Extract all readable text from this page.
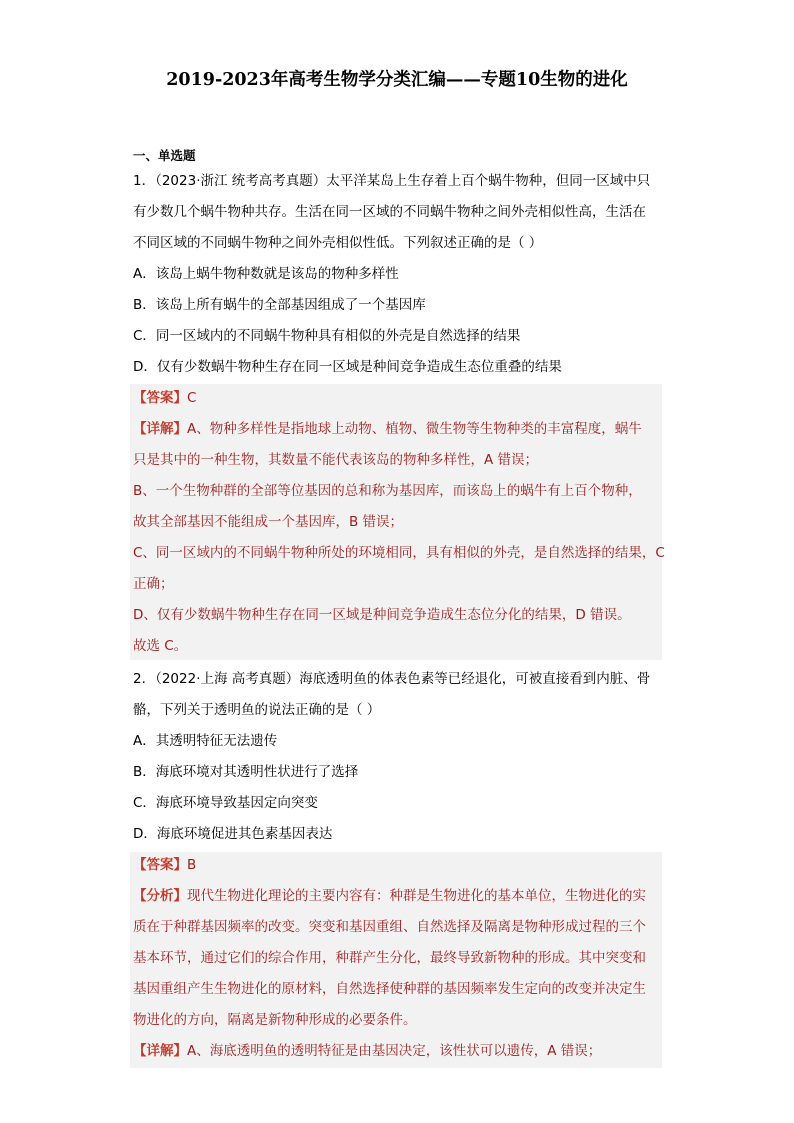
2019-2023年高考生物学分类汇编——专题10生物的进化
一、单选题
1．（2023·浙江 统考高考真题）太平洋某岛上生存着上百个蜗牛物种，但同一区域中只
有少数几个蜗牛物种共存。生活在同一区域的不同蜗牛物种之间外壳相似性高，生活在
不同区域的不同蜗牛物种之间外壳相似性低。下列叙述正确的是（ ）
A．该岛上蜗牛物种数就是该岛的物种多样性
B．该岛上所有蜗牛的全部基因组成了一个基因库
C．同一区域内的不同蜗牛物种具有相似的外壳是自然选择的结果
D．仅有少数蜗牛物种生存在同一区域是种间竞争造成生态位重叠的结果
【答案】C
【详解】A、物种多样性是指地球上动物、植物、微生物等生物种类的丰富程度，蜗牛
只是其中的一种生物，其数量不能代表该岛的物种多样性，A 错误；
B、一个生物种群的全部等位基因的总和称为基因库，而该岛上的蜗牛有上百个物种，
故其全部基因不能组成一个基因库，B 错误；
C、同一区域内的不同蜗牛物种所处的环境相同，具有相似的外壳，是自然选择的结果，C
正确；
D、仅有少数蜗牛物种生存在同一区域是种间竞争造成生态位分化的结果，D 错误。
故选 C。
2．（2022·上海 高考真题）海底透明鱼的体表色素等已经退化，可被直接看到内脏、骨
骼，下列关于透明鱼的说法正确的是（ ）
A．其透明特征无法遗传
B．海底环境对其透明性状进行了选择
C．海底环境导致基因定向突变
D．海底环境促进其色素基因表达
【答案】B
【分析】现代生物进化理论的主要内容有：种群是生物进化的基本单位，生物进化的实
质在于种群基因频率的改变。突变和基因重组、自然选择及隔离是物种形成过程的三个
基本环节，通过它们的综合作用，种群产生分化，最终导致新物种的形成。其中突变和
基因重组产生生物进化的原材料，自然选择使种群的基因频率发生定向的改变并决定生
物进化的方向，隔离是新物种形成的必要条件。
【详解】A、海底透明鱼的透明特征是由基因决定，该性状可以遗传，A 错误；
